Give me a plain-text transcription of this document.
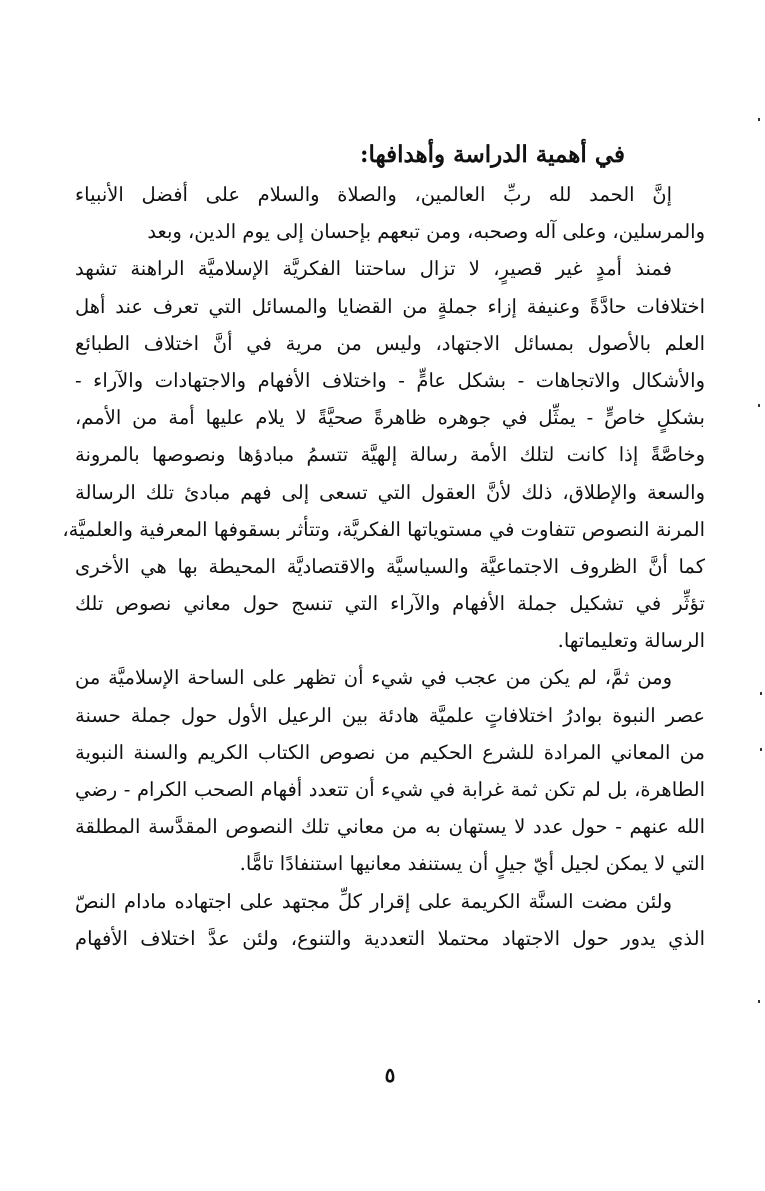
في أهمية الدراسة وأهدافها:
إنَّ الحمد لله ربِّ العالمين، والصلاة والسلام على أفضل الأنبياء
والمرسلين، وعلى آله وصحبه، ومن تبعهم بإحسان إلى يوم الدين، وبعد
فمنذ أمدٍ غير قصيرٍ، لا تزال ساحتنا الفكريَّة الإسلاميَّة الراهنة تشهد
اختلافات حادَّةً وعنيفة إزاء جملةٍ من القضايا والمسائل التي تعرف عند أهل
العلم بالأصول بمسائل الاجتهاد، وليس من مرية في أنَّ اختلاف الطبائع
والأشكال والاتجاهات - بشكل عامٍّ - واختلاف الأفهام والاجتهادات والآراء -
بشكلٍ خاصٍّ - يمثِّل في جوهره ظاهرةً صحيَّةً لا يلام عليها أمة من الأمم،
وخاصَّةً إذا كانت لتلك الأمة رسالة إلهيَّة تتسمُ مبادؤها ونصوصها بالمرونة
والسعة والإطلاق، ذلك لأنَّ العقول التي تسعى إلى فهم مبادئ تلك الرسالة
المرنة النصوص تتفاوت في مستوياتها الفكريَّة، وتتأثر بسقوفها المعرفية والعلميَّة،
كما أنَّ الظروف الاجتماعيَّة والسياسيَّة والاقتصاديَّة المحيطة بها هي الأخرى
تؤثِّر في تشكيل جملة الأفهام والآراء التي تنسج حول معاني نصوص تلك
الرسالة وتعليماتها.
ومن ثمَّ، لم يكن من عجب في شيء أن تظهر على الساحة الإسلاميَّة من
عصر النبوة بوادرُ اختلافاتٍ علميَّة هادئة بين الرعيل الأول حول جملة حسنة
من المعاني المرادة للشرع الحكيم من نصوص الكتاب الكريم والسنة النبوية
الطاهرة، بل لم تكن ثمة غرابة في شيء أن تتعدد أفهام الصحب الكرام - رضي
الله عنهم - حول عدد لا يستهان به من معاني تلك النصوص المقدَّسة المطلقة
التي لا يمكن لجيل أيّ جيلٍ أن يستنفد معانيها استنفادًا تامًّا.
ولئن مضت السنَّة الكريمة على إقرار كلِّ مجتهد على اجتهاده مادام النصّ
الذي يدور حول الاجتهاد محتملا التعددية والتنوع، ولئن عدَّ اختلاف الأفهام
٥
